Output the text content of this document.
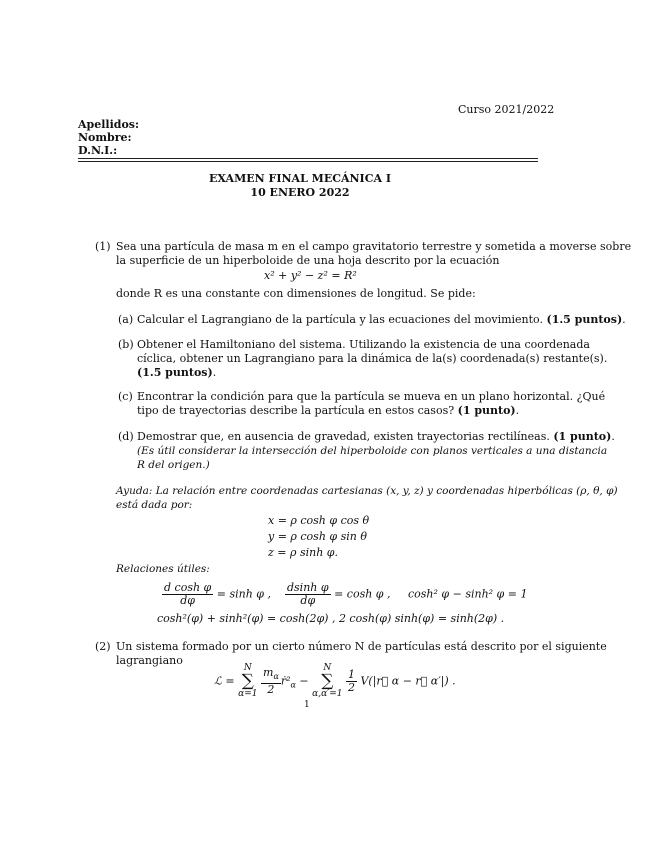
Curso 2021/2022
Apellidos:
Nombre:
D.N.I.:
EXAMEN FINAL MECÁNICA I
10 ENERO 2022
(1) Sea una partícula de masa m en el campo gravitatorio terrestre y sometida a moverse sobre
la superficie de un hiperboloide de una hoja descrito por la ecuación
x² + y² − z² = R²
donde R es una constante con dimensiones de longitud. Se pide:
(a) Calcular el Lagrangiano de la partícula y las ecuaciones del movimiento. (1.5 puntos).
(b) Obtener el Hamiltoniano del sistema. Utilizando la existencia de una coordenada
cíclica, obtener un Lagrangiano para la dinámica de la(s) coordenada(s) restante(s).
(1.5 puntos).
(c) Encontrar la condición para que la partícula se mueva en un plano horizontal. ¿Qué
tipo de trayectorias describe la partícula en estos casos? (1 punto).
(d) Demostrar que, en ausencia de gravedad, existen trayectorias rectilíneas. (1 punto).
(Es útil considerar la intersección del hiperboloide con planos verticales a una distancia
R del origen.)
Ayuda: La relación entre coordenadas cartesianas (x, y, z) y coordenadas hiperbólicas (ρ, θ, φ)
está dada por:
x = ρ cosh φ cos θ
y = ρ cosh φ sin θ
z = ρ sinh φ.
Relaciones útiles:
$\frac{\text{d cosh φ}}{d\varphi} = \sinh \varphi$ , $\frac{\text{dsinh φ}}{d\varphi} = \cosh \varphi$ , cosh² φ − sinh² φ = 1
cosh²(φ) + sinh²(φ) = cosh(2φ) , 2 cosh(φ) sinh(φ) = sinh(2φ) .
(2) Un sistema formado por un cierto número N de partículas está descrito por el siguiente
lagrangiano
ℒ = N
∑
$\alpha=1 \frac{m_\alpha}{2}$ $ṙ^2_\alpha - N$
∑
$\alpha,\alpha'=1 \frac{1}{2}$ V(|r⃗ α − r⃗ α′|) .
1
